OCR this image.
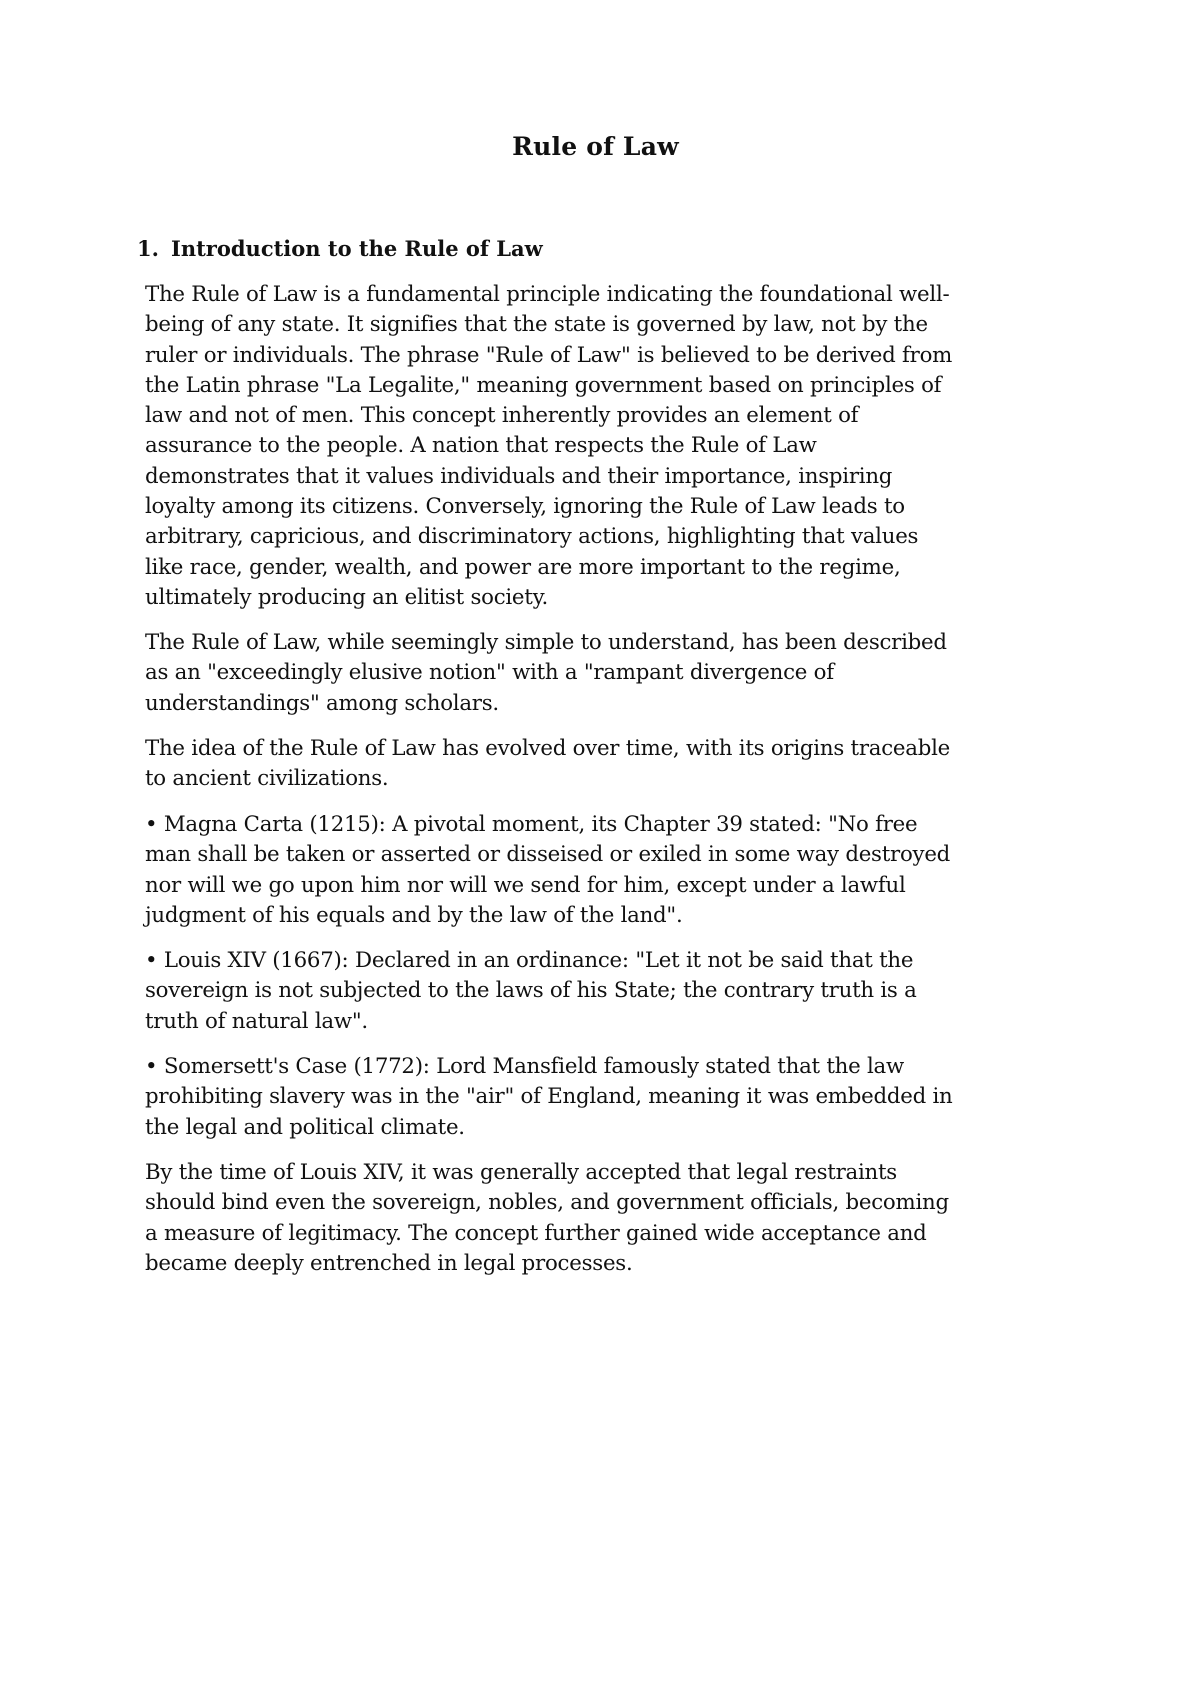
Rule of Law
1. Introduction to the Rule of Law
The Rule of Law is a fundamental principle indicating the foundational well-
being of any state. It signifies that the state is governed by law, not by the
ruler or individuals. The phrase "Rule of Law" is believed to be derived from
the Latin phrase "La Legalite," meaning government based on principles of
law and not of men. This concept inherently provides an element of
assurance to the people. A nation that respects the Rule of Law
demonstrates that it values individuals and their importance, inspiring
loyalty among its citizens. Conversely, ignoring the Rule of Law leads to
arbitrary, capricious, and discriminatory actions, highlighting that values
like race, gender, wealth, and power are more important to the regime,
ultimately producing an elitist society.
The Rule of Law, while seemingly simple to understand, has been described
as an "exceedingly elusive notion" with a "rampant divergence of
understandings" among scholars.
The idea of the Rule of Law has evolved over time, with its origins traceable
to ancient civilizations.
• Magna Carta (1215): A pivotal moment, its Chapter 39 stated: "No free
man shall be taken or asserted or disseised or exiled in some way destroyed
nor will we go upon him nor will we send for him, except under a lawful
judgment of his equals and by the law of the land".
• Louis XIV (1667): Declared in an ordinance: "Let it not be said that the
sovereign is not subjected to the laws of his State; the contrary truth is a
truth of natural law".
• Somersett's Case (1772): Lord Mansfield famously stated that the law
prohibiting slavery was in the "air" of England, meaning it was embedded in
the legal and political climate.
By the time of Louis XIV, it was generally accepted that legal restraints
should bind even the sovereign, nobles, and government officials, becoming
a measure of legitimacy. The concept further gained wide acceptance and
became deeply entrenched in legal processes.
